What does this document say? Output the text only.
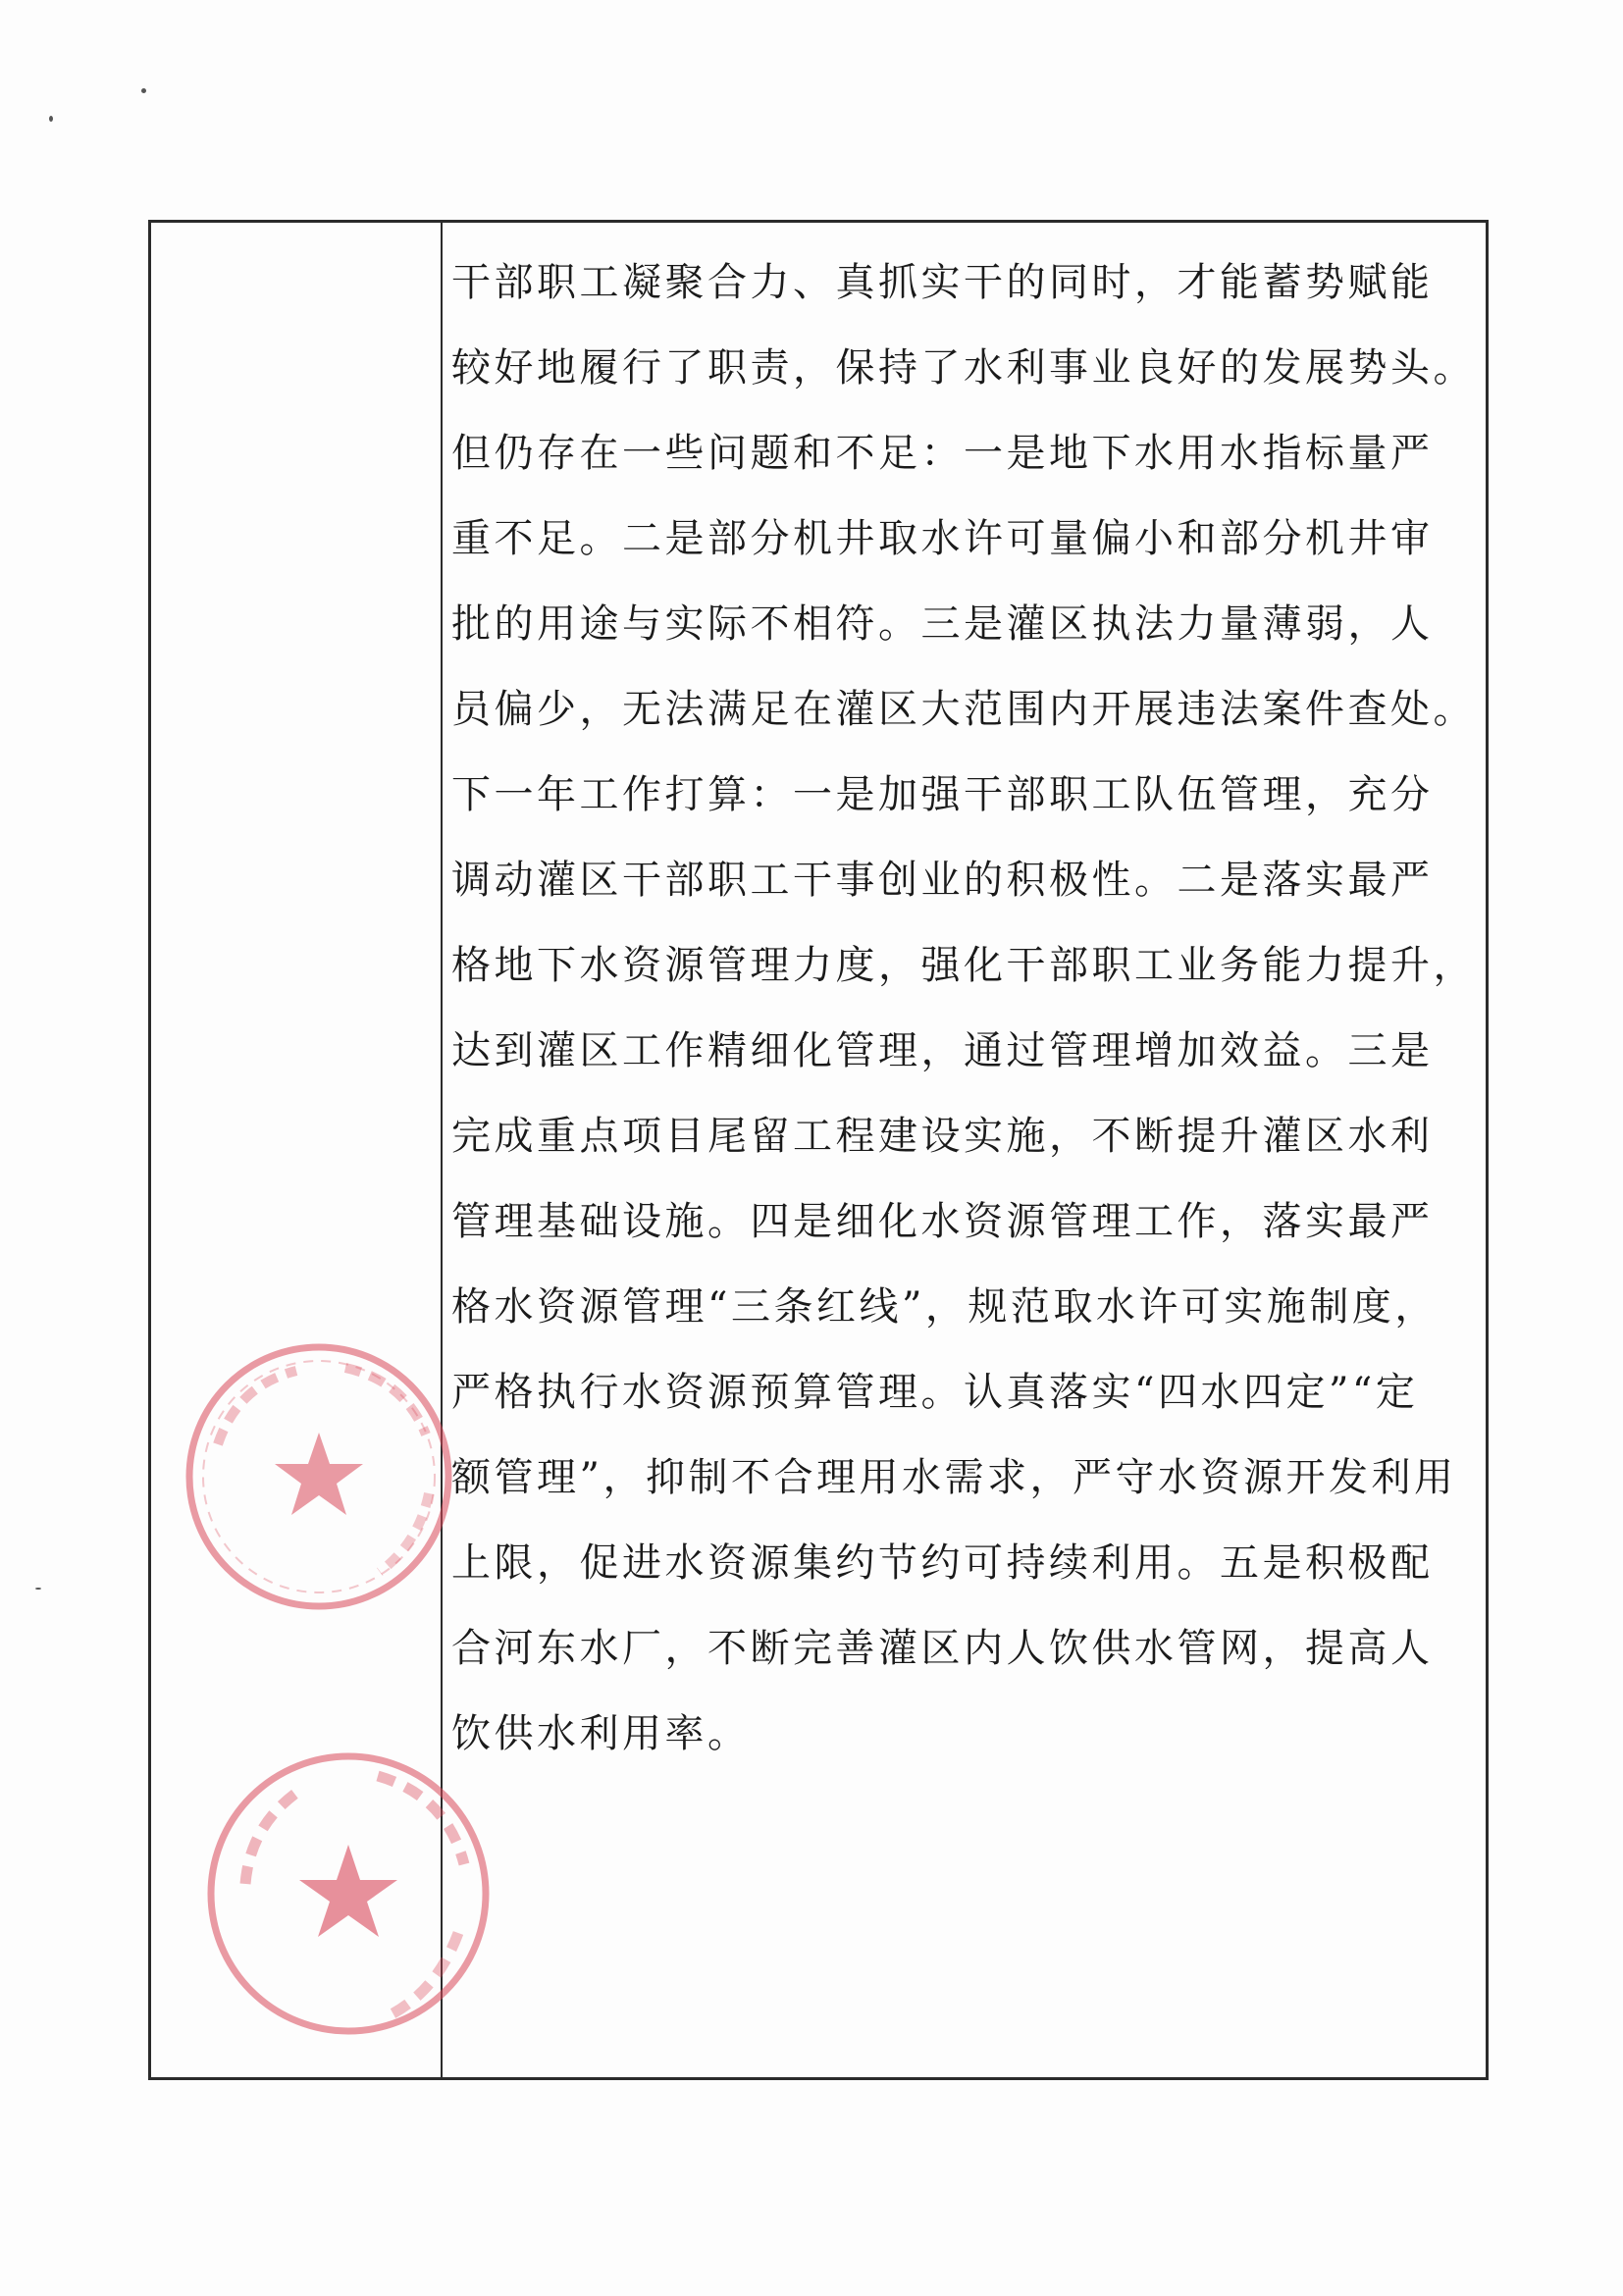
干部职工凝聚合力、真抓实干的同时，才能蓄势赋能
较好地履行了职责，保持了水利事业良好的发展势头。
但仍存在一些问题和不足：一是地下水用水指标量严
重不足。二是部分机井取水许可量偏小和部分机井审
批的用途与实际不相符。三是灌区执法力量薄弱，人
员偏少，无法满足在灌区大范围内开展违法案件查处。
下一年工作打算：一是加强干部职工队伍管理，充分
调动灌区干部职工干事创业的积极性。二是落实最严
格地下水资源管理力度，强化干部职工业务能力提升，
达到灌区工作精细化管理，通过管理增加效益。三是
完成重点项目尾留工程建设实施，不断提升灌区水利
管理基础设施。四是细化水资源管理工作，落实最严
格水资源管理“三条红线”，规范取水许可实施制度，
严格执行水资源预算管理。认真落实“四水四定”“定
额管理”，抑制不合理用水需求，严守水资源开发利用
上限，促进水资源集约节约可持续利用。五是积极配
合河东水厂，不断完善灌区内人饮供水管网，提高人
饮供水利用率。
